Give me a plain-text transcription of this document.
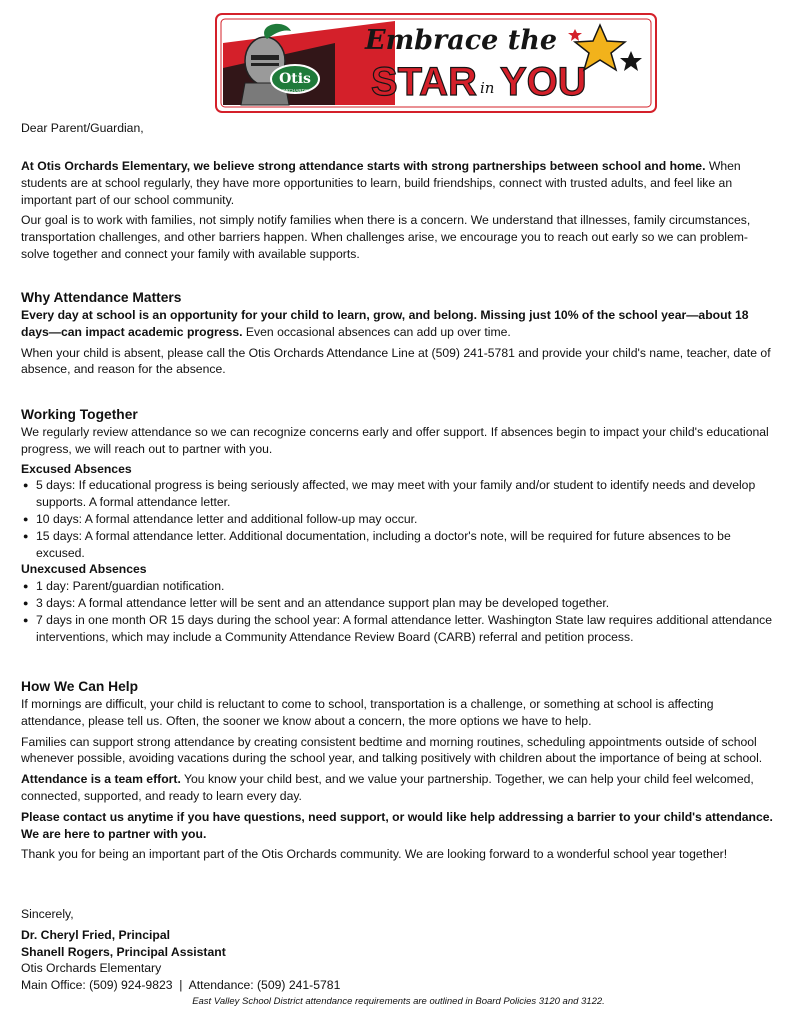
Otis
ORCHARDS
Embrace the
STAR in YOU
Dear Parent/Guardian,

At Otis Orchards Elementary, we believe strong attendance starts with strong partnerships between school and home. When students are at school regularly, they have more opportunities to learn, build friendships, connect with trusted adults, and feel like an important part of our school community.

Our goal is to work with families, not simply notify families when there is a concern. We understand that illnesses, family circumstances, transportation challenges, and other barriers happen. When challenges arise, we encourage you to reach out early so we can problem-solve together and connect your family with available supports.

Why Attendance Matters

Every day at school is an opportunity for your child to learn, grow, and belong. Missing just 10% of the school year—about 18 days—can impact academic progress. Even occasional absences can add up over time.

When your child is absent, please call the Otis Orchards Attendance Line at (509) 241-5781 and provide your child's name, teacher, date of absence, and reason for the absence.

Working Together

We regularly review attendance so we can recognize concerns early and offer support. If absences begin to impact your child's educational progress, we will reach out to partner with you.

Excused Absences
● 5 days: If educational progress is being seriously affected, we may meet with your family and/or student to identify needs and develop supports. A formal attendance letter.
● 10 days: A formal attendance letter and additional follow-up may occur.
● 15 days: A formal attendance letter. Additional documentation, including a doctor's note, will be required for future absences to be excused.
Unexcused Absences
● 1 day: Parent/guardian notification.
● 3 days: A formal attendance letter will be sent and an attendance support plan may be developed together.
● 7 days in one month OR 15 days during the school year: A formal attendance letter. Washington State law requires additional attendance interventions, which may include a Community Attendance Review Board (CARB) referral and petition process.
How We Can Help

If mornings are difficult, your child is reluctant to come to school, transportation is a challenge, or something at school is affecting attendance, please tell us. Often, the sooner we know about a concern, the more options we have to help.

Families can support strong attendance by creating consistent bedtime and morning routines, scheduling appointments outside of school whenever possible, avoiding vacations during the school year, and talking positively with children about the importance of being at school.

Attendance is a team effort. You know your child best, and we value your partnership. Together, we can help your child feel welcomed, connected, supported, and ready to learn every day.

Please contact us anytime if you have questions, need support, or would like help addressing a barrier to your child's attendance. We are here to partner with you.

Thank you for being an important part of the Otis Orchards community. We are looking forward to a wonderful school year together!

Sincerely,

Dr. Cheryl Fried, Principal

Shanell Rogers, Principal Assistant

Otis Orchards Elementary

Main Office: (509) 924-9823  |  Attendance: (509) 241-5781

East Valley School District attendance requirements are outlined in Board Policies 3120 and 3122.
